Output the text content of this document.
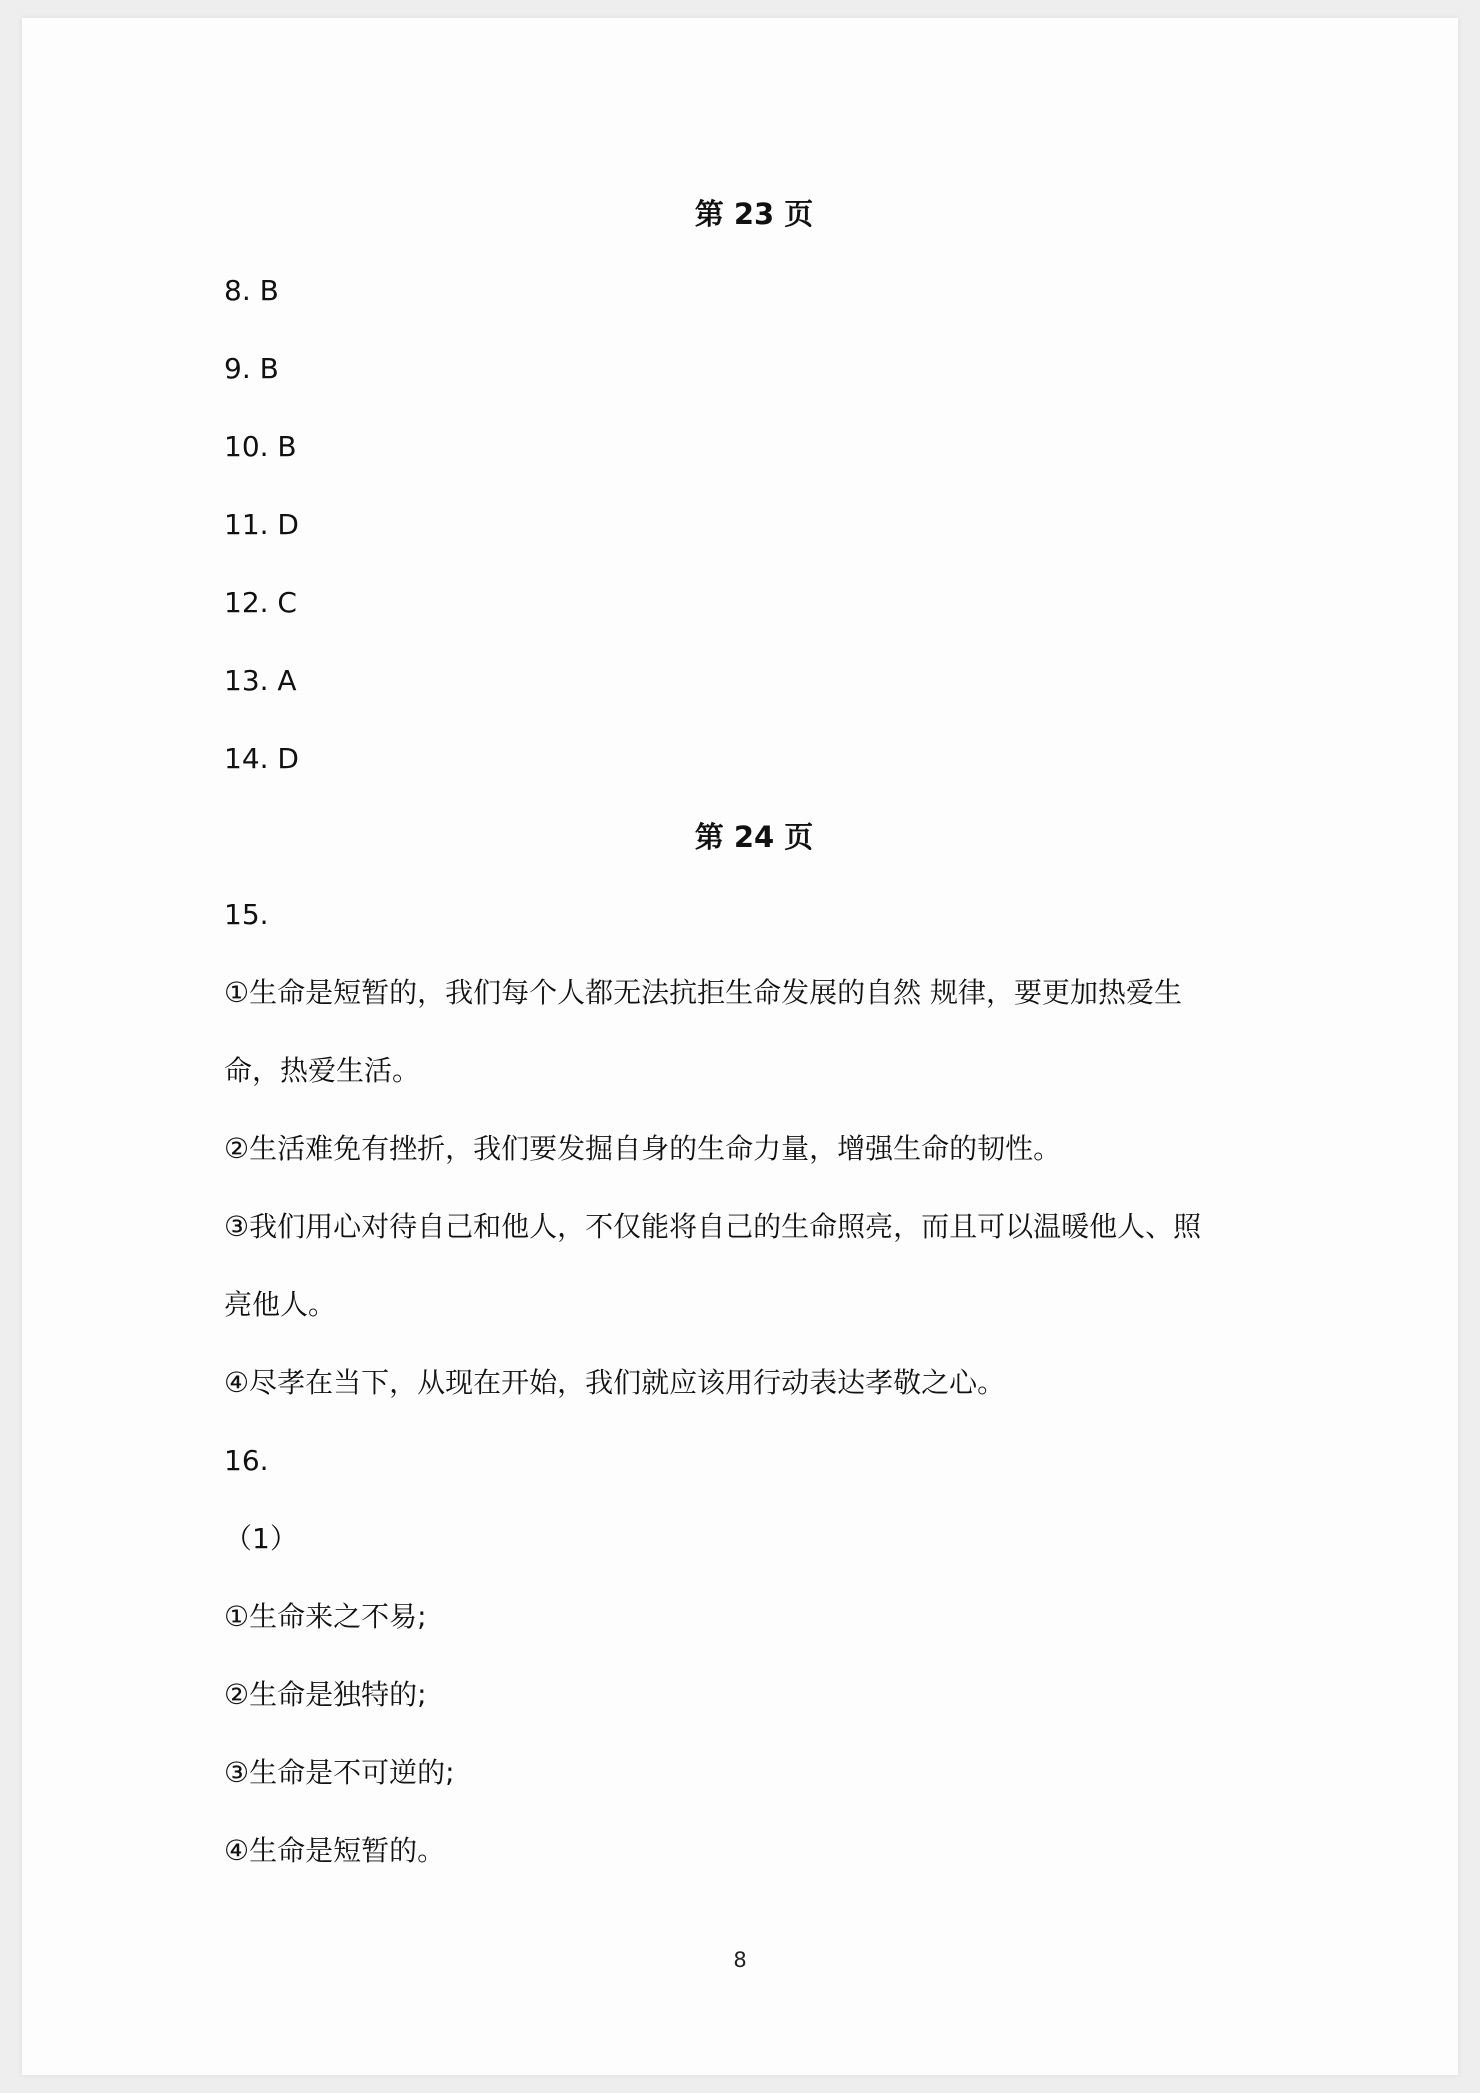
第 23 页
8. B
9. B
10. B
11. D
12. C
13. A
14. D
第 24 页
15.
①生命是短暂的，我们每个人都无法抗拒生命发展的自然 规律，要更加热爱生
命，热爱生活。
②生活难免有挫折，我们要发掘自身的生命力量，增强生命的韧性。
③我们用心对待自己和他人，不仅能将自己的生命照亮，而且可以温暖他人、照
亮他人。
④尽孝在当下，从现在开始，我们就应该用行动表达孝敬之心。
16.
（1）
①生命来之不易;
②生命是独特的;
③生命是不可逆的;
④生命是短暂的。
8
